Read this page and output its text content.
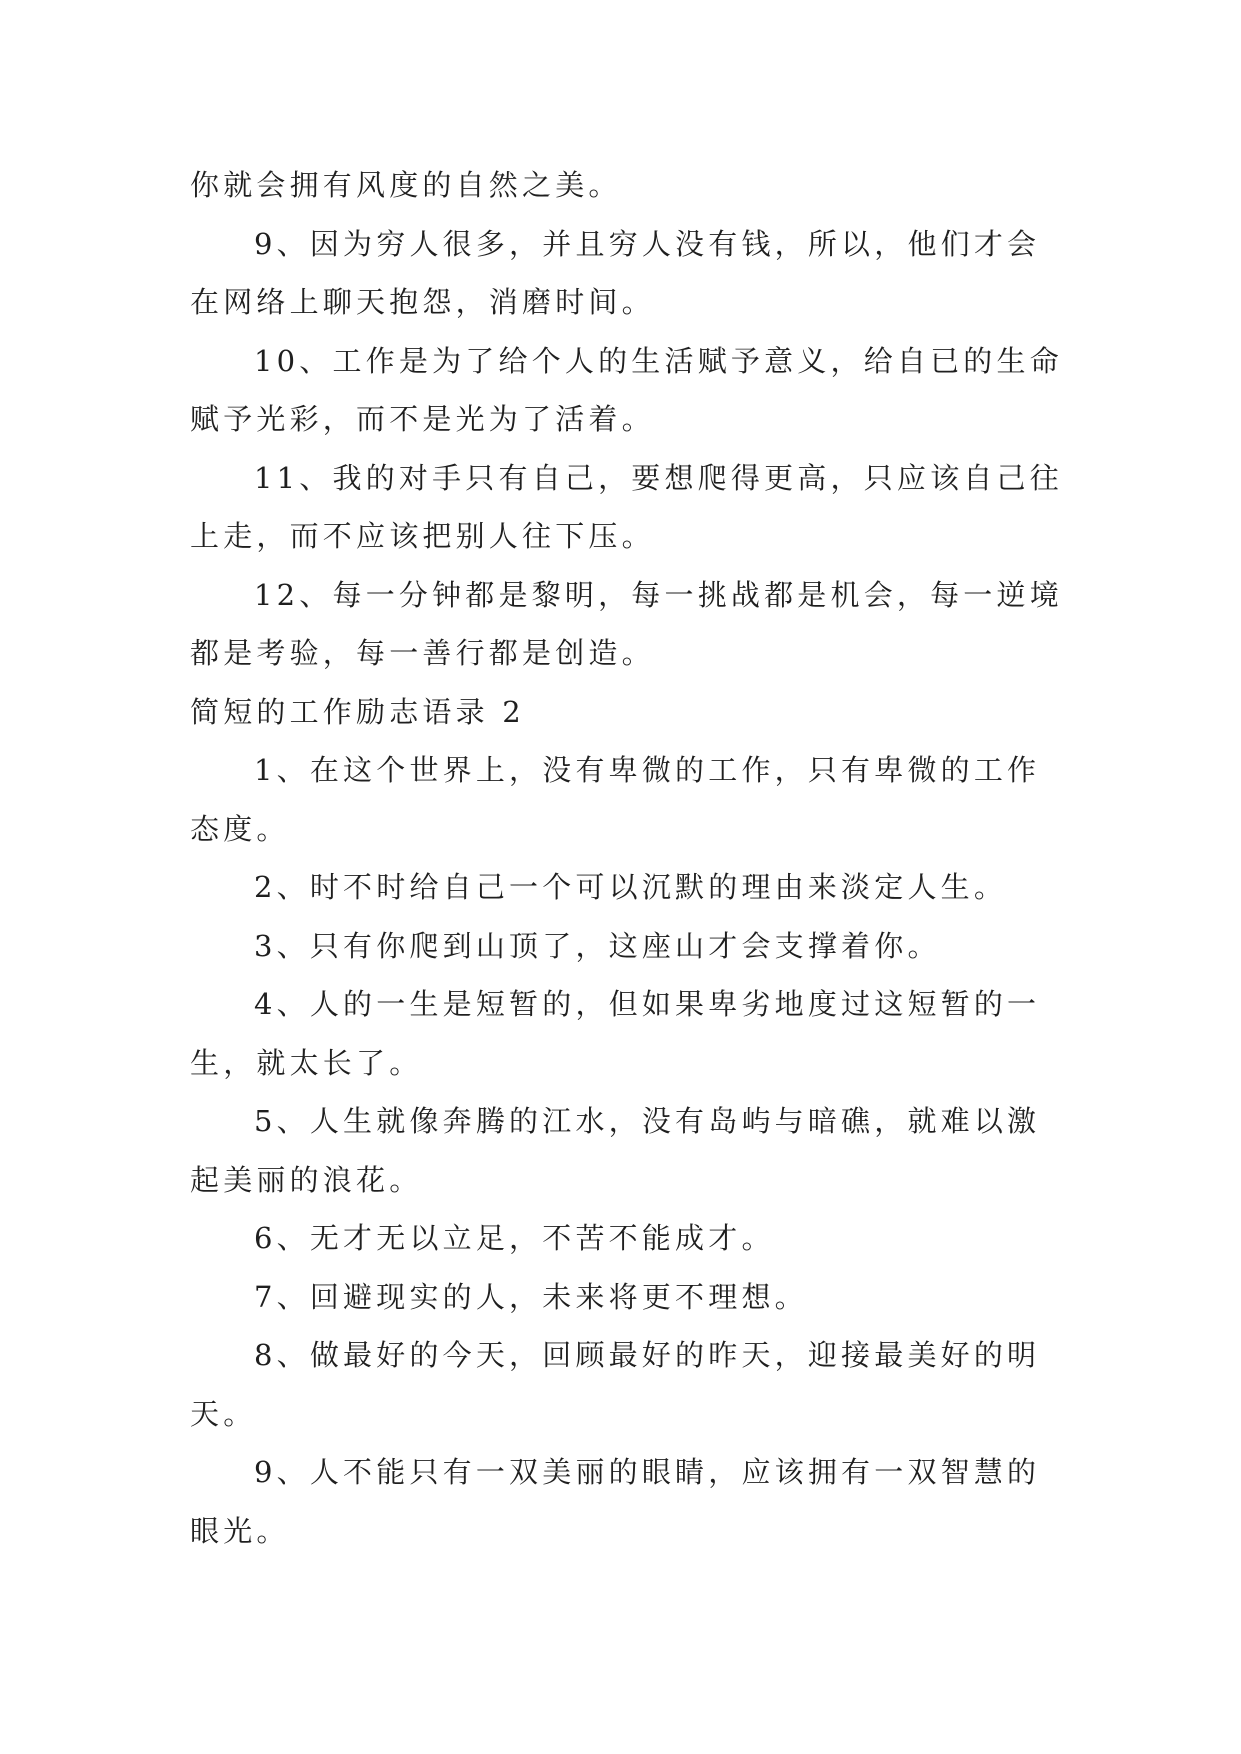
你就会拥有风度的自然之美。
9、因为穷人很多，并且穷人没有钱，所以，他们才会
在网络上聊天抱怨，消磨时间。
10、工作是为了给个人的生活赋予意义，给自已的生命
赋予光彩，而不是光为了活着。
11、我的对手只有自己，要想爬得更高，只应该自己往
上走，而不应该把别人往下压。
12、每一分钟都是黎明，每一挑战都是机会，每一逆境
都是考验，每一善行都是创造。
简短的工作励志语录 2
1、在这个世界上，没有卑微的工作，只有卑微的工作
态度。
2、时不时给自己一个可以沉默的理由来淡定人生。
3、只有你爬到山顶了，这座山才会支撑着你。
4、人的一生是短暂的，但如果卑劣地度过这短暂的一
生，就太长了。
5、人生就像奔腾的江水，没有岛屿与暗礁，就难以激
起美丽的浪花。
6、无才无以立足，不苦不能成才。
7、回避现实的人，未来将更不理想。
8、做最好的今天，回顾最好的昨天，迎接最美好的明
天。
9、人不能只有一双美丽的眼睛，应该拥有一双智慧的
眼光。
